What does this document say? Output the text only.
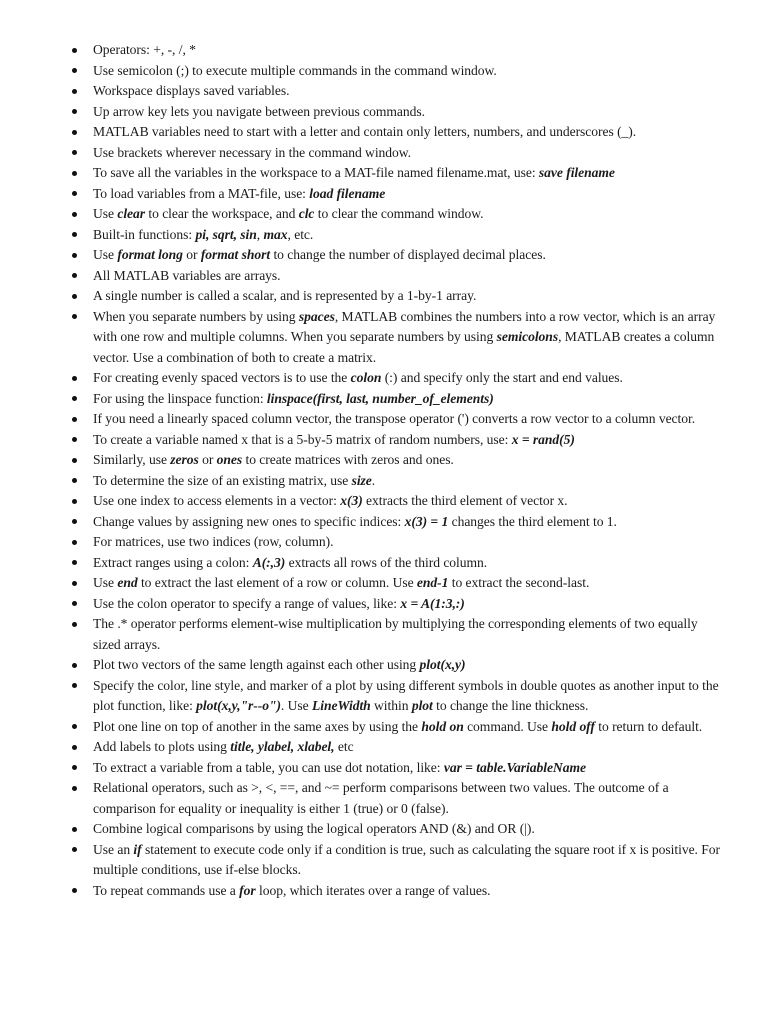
Operators: +, -, /, *
Use semicolon (;) to execute multiple commands in the command window.
Workspace displays saved variables.
Up arrow key lets you navigate between previous commands.
MATLAB variables need to start with a letter and contain only letters, numbers, and underscores (_).
Use brackets wherever necessary in the command window.
To save all the variables in the workspace to a MAT-file named filename.mat, use: save filename
To load variables from a MAT-file, use: load filename
Use clear to clear the workspace, and clc to clear the command window.
Built-in functions: pi, sqrt, sin, max, etc.
Use format long or format short to change the number of displayed decimal places.
All MATLAB variables are arrays.
A single number is called a scalar, and is represented by a 1-by-1 array.
When you separate numbers by using spaces, MATLAB combines the numbers into a row vector, which is an array with one row and multiple columns. When you separate numbers by using semicolons, MATLAB creates a column vector. Use a combination of both to create a matrix.
For creating evenly spaced vectors is to use the colon (:) and specify only the start and end values.
For using the linspace function: linspace(first, last, number_of_elements)
If you need a linearly spaced column vector, the transpose operator (') converts a row vector to a column vector.
To create a variable named x that is a 5-by-5 matrix of random numbers, use: x = rand(5)
Similarly, use zeros or ones to create matrices with zeros and ones.
To determine the size of an existing matrix, use size.
Use one index to access elements in a vector: x(3) extracts the third element of vector x.
Change values by assigning new ones to specific indices: x(3) = 1 changes the third element to 1.
For matrices, use two indices (row, column).
Extract ranges using a colon: A(:,3) extracts all rows of the third column.
Use end to extract the last element of a row or column. Use end-1 to extract the second-last.
Use the colon operator to specify a range of values, like: x = A(1:3,:)
The .* operator performs element-wise multiplication by multiplying the corresponding elements of two equally sized arrays.
Plot two vectors of the same length against each other using plot(x,y)
Specify the color, line style, and marker of a plot by using different symbols in double quotes as another input to the plot function, like: plot(x,y,"r--o"). Use LineWidth within plot to change the line thickness.
Plot one line on top of another in the same axes by using the hold on command. Use hold off to return to default.
Add labels to plots using title, ylabel, xlabel, etc
To extract a variable from a table, you can use dot notation, like: var = table.VariableName
Relational operators, such as >, <, ==, and ~= perform comparisons between two values. The outcome of a comparison for equality or inequality is either 1 (true) or 0 (false).
Combine logical comparisons by using the logical operators AND (&) and OR (|).
Use an if statement to execute code only if a condition is true, such as calculating the square root if x is positive. For multiple conditions, use if-else blocks.
To repeat commands use a for loop, which iterates over a range of values.
